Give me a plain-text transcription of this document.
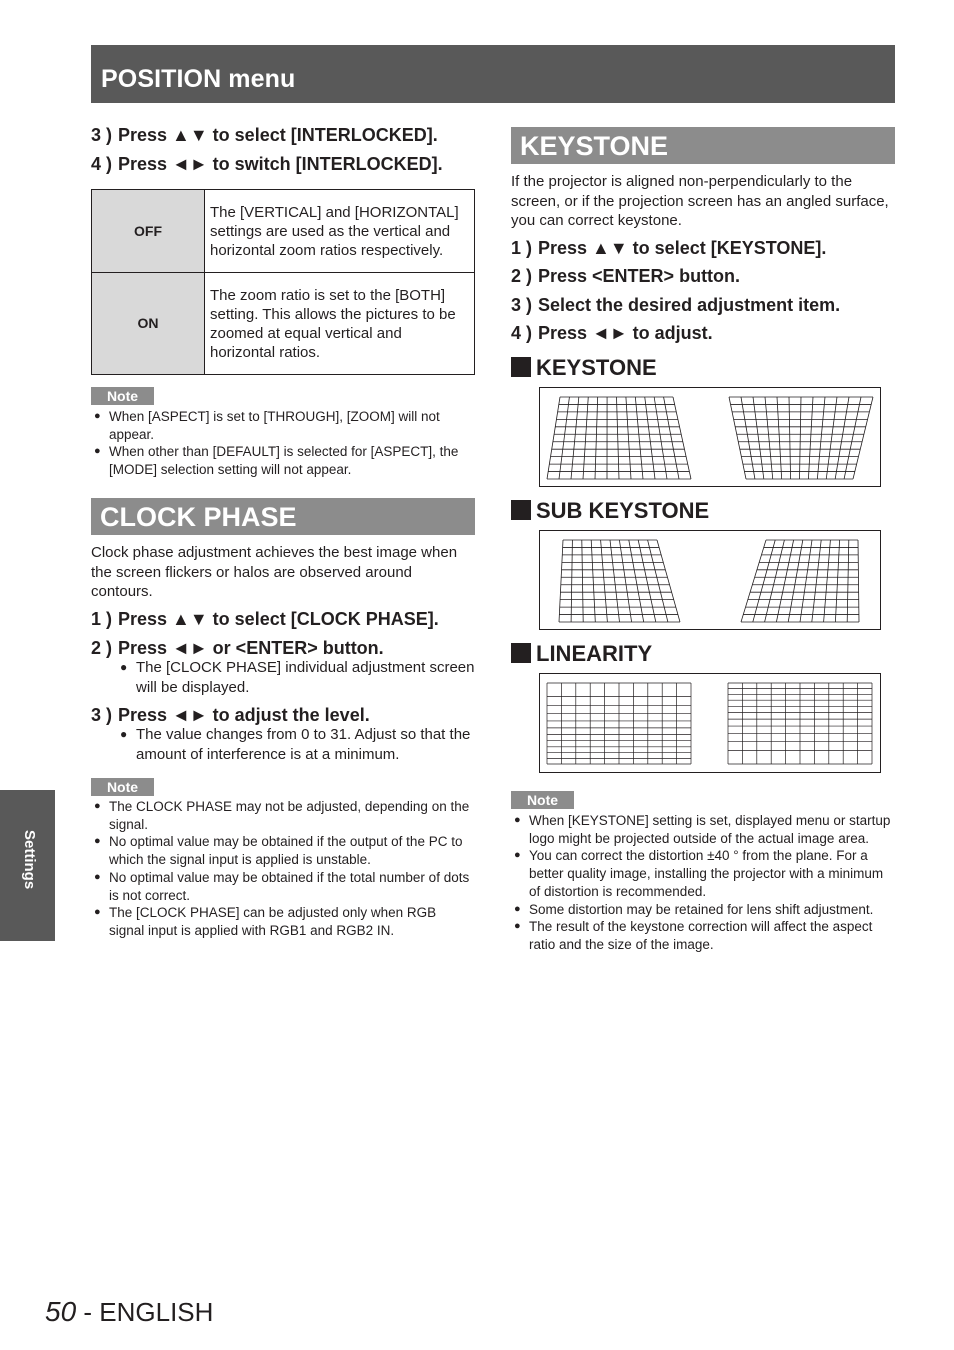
POSITION menu
3 ) Press ▲▼ to select [INTERLOCKED].
4 ) Press ◄► to switch [INTERLOCKED].
OFF	The [VERTICAL] and [HORIZONTAL] settings are used as the vertical and horizontal zoom ratios respectively.
ON	The zoom ratio is set to the [BOTH] setting. This allows the pictures to be zoomed at equal vertical and horizontal ratios.
Note
● When [ASPECT] is set to [THROUGH], [ZOOM] will not appear.
● When other than [DEFAULT] is selected for [ASPECT], the [MODE] selection setting will not appear.
CLOCK PHASE
Clock phase adjustment achieves the best image when the screen flickers or halos are observed around contours.
1 ) Press ▲▼ to select [CLOCK PHASE].
2 ) Press ◄► or <ENTER> button.
● The [CLOCK PHASE] individual adjustment screen will be displayed.
3 ) Press ◄► to adjust the level.
● The value changes from 0 to 31. Adjust so that the amount of interference is at a minimum.
Note
● The CLOCK PHASE may not be adjusted, depending on the signal.
● No optimal value may be obtained if the output of the PC to which the signal input is applied is unstable.
● No optimal value may be obtained if the total number of dots is not correct.
● The [CLOCK PHASE] can be adjusted only when RGB signal input is applied with RGB1 and RGB2 IN.
KEYSTONE
If the projector is aligned non-perpendicularly to the screen, or if the projection screen has an angled surface, you can correct keystone.
1 ) Press ▲▼ to select [KEYSTONE].
2 ) Press <ENTER> button.
3 ) Select the desired adjustment item.
4 ) Press ◄► to adjust.
KEYSTONE
SUB KEYSTONE
LINEARITY
Note
● When [KEYSTONE] setting is set, displayed menu or startup logo might be projected outside of the actual image area.
● You can correct the distortion ±40 ° from the plane. For a better quality image, installing the projector with a minimum of distortion is recommended.
● Some distortion may be retained for lens shift adjustment.
● The result of the keystone correction will affect the aspect ratio and the size of the image.
Settings
50 - ENGLISH
